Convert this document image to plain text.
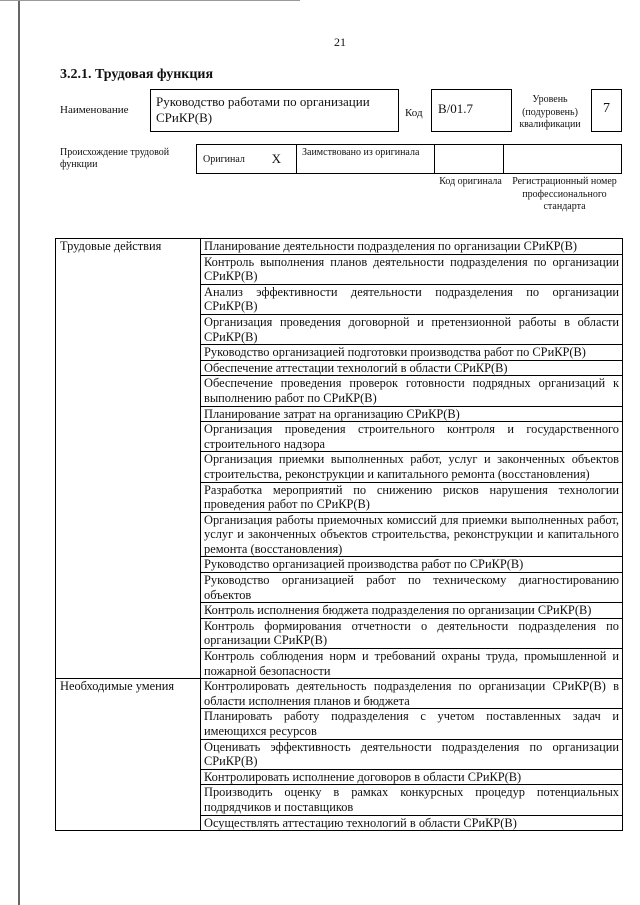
21
3.2.1. Трудовая функция
Наименование
Руководство работами по организации СРиКР(В)	Код	B/01.7
Уровень (подуровень) квалификации
7
Происхождение трудовой функции	Оригинал X	Заимствовано из оригинала
Код оригинала	Регистрационный номер профессионального стандарта
Трудовые действия	Планирование деятельности подразделения по организации СРиКР(В)
	Контроль выполнения планов деятельности подразделения по организации СРиКР(В)
	Анализ эффективности деятельности подразделения по организации СРиКР(В)
	Организация проведения договорной и претензионной работы в области СРиКР(В)
	Руководство организацией подготовки производства работ по СРиКР(В)
	Обеспечение аттестации технологий в области СРиКР(В)
	Обеспечение проведения проверок готовности подрядных организаций к выполнению работ по СРиКР(В)
	Планирование затрат на организацию СРиКР(В)
	Организация проведения строительного контроля и государственного строительного надзора
	Организация приемки выполненных работ, услуг и законченных объектов строительства, реконструкции и капитального ремонта (восстановления)
	Разработка мероприятий по снижению рисков нарушения технологии проведения работ по СРиКР(В)
	Организация работы приемочных комиссий для приемки выполненных работ, услуг и законченных объектов строительства, реконструкции и капитального ремонта (восстановления)
	Руководство организацией производства работ по СРиКР(В)
	Руководство организацией работ по техническому диагностированию объектов
	Контроль исполнения бюджета подразделения по организации СРиКР(В)
	Контроль формирования отчетности о деятельности подразделения по организации СРиКР(В)
	Контроль соблюдения норм и требований охраны труда, промышленной и пожарной безопасности
Необходимые умения	Контролировать деятельность подразделения по организации СРиКР(В) в области исполнения планов и бюджета
	Планировать работу подразделения с учетом поставленных задач и имеющихся ресурсов
	Оценивать эффективность деятельности подразделения по организации СРиКР(В)
	Контролировать исполнение договоров в области СРиКР(В)
	Производить оценку в рамках конкурсных процедур потенциальных подрядчиков и поставщиков
	Осуществлять аттестацию технологий в области СРиКР(В)
